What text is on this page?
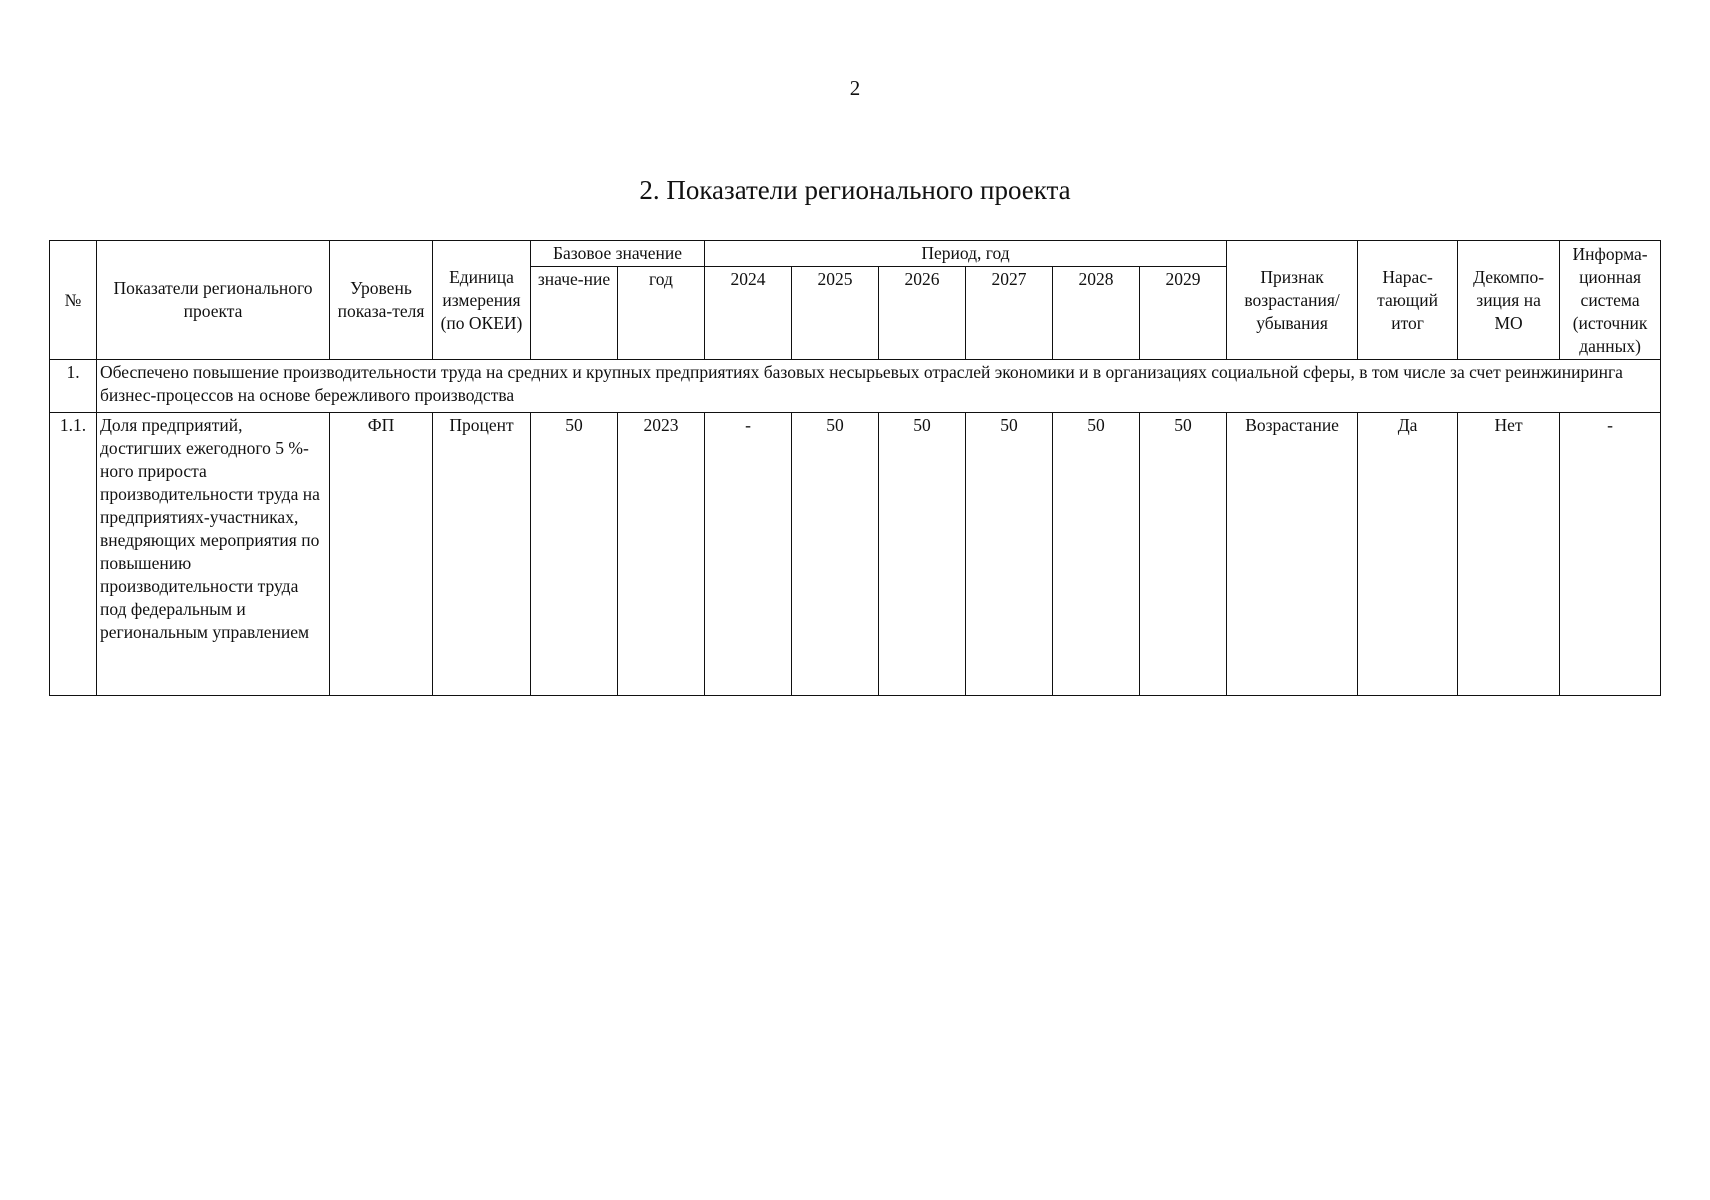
2
2. Показатели регионального проекта
№	Показатели регионального проекта	Уровень показа-теля	Единица измерения (по ОКЕИ)	Базовое значение		Период, год						Признак возрастания/ убывания	Нарас-тающий итог	Декомпо-зиция на МО	Информа-ционная система (источник данных)
				значе-ние	год	2024	2025	2026	2027	2028	2029				
1.	Обеспечено повышение производительности труда на средних и крупных предприятиях базовых несырьевых отраслей экономики и в организациях социальной сферы, в том числе за счет реинжиниринга бизнес-процессов на основе бережливого производства														
1.1.	Доля предприятий, достигших ежегодного 5 %-ного прироста производительности труда на предприятиях-участниках, внедряющих мероприятия по повышению производительности труда под федеральным и региональным управлением	ФП	Процент	50	2023	-	50	50	50	50	50	Возрастание	Да	Нет	-
